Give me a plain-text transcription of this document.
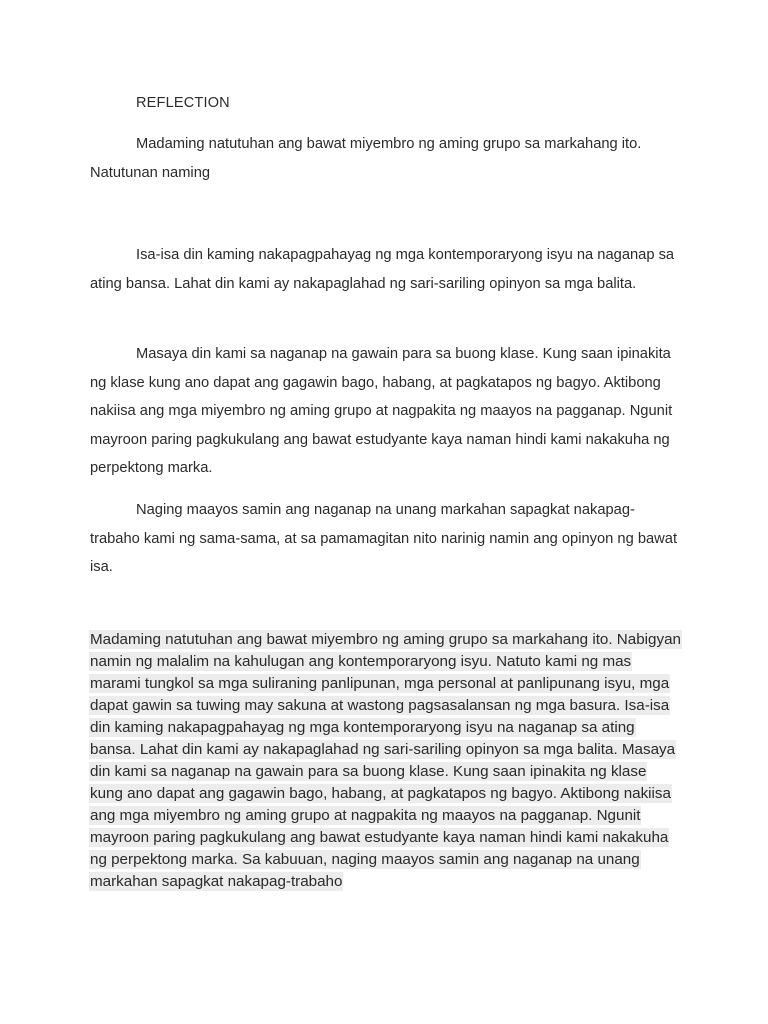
REFLECTION

Madaming natutuhan ang bawat miyembro ng aming grupo sa markahang ito. Natutunan naming

Isa-isa din kaming nakapagpahayag ng mga kontemporaryong isyu na naganap sa ating bansa. Lahat din kami ay nakapaglahad ng sari-sariling opinyon sa mga balita.

Masaya din kami sa naganap na gawain para sa buong klase. Kung saan ipinakita ng klase kung ano dapat ang gagawin bago, habang, at pagkatapos ng bagyo. Aktibong nakiisa ang mga miyembro ng aming grupo at nagpakita ng maayos na pagganap. Ngunit mayroon paring pagkukulang ang bawat estudyante kaya naman hindi kami nakakuha ng perpektong marka.

Naging maayos samin ang naganap na unang markahan sapagkat nakapag-trabaho kami ng sama-sama, at sa pamamagitan nito narinig namin ang opinyon ng bawat isa.

Madaming natutuhan ang bawat miyembro ng aming grupo sa markahang ito. Nabigyan namin ng malalim na kahulugan ang kontemporaryong isyu. Natuto kami ng mas marami tungkol sa mga suliraning panlipunan, mga personal at panlipunang isyu, mga dapat gawin sa tuwing may sakuna at wastong pagsasalansan ng mga basura. Isa-isa din kaming nakapagpahayag ng mga kontemporaryong isyu na naganap sa ating bansa. Lahat din kami ay nakapaglahad ng sari-sariling opinyon sa mga balita. Masaya din kami sa naganap na gawain para sa buong klase. Kung saan ipinakita ng klase kung ano dapat ang gagawin bago, habang, at pagkatapos ng bagyo. Aktibong nakiisa ang mga miyembro ng aming grupo at nagpakita ng maayos na pagganap. Ngunit mayroon paring pagkukulang ang bawat estudyante kaya naman hindi kami nakakuha ng perpektong marka. Sa kabuuan, naging maayos samin ang naganap na unang markahan sapagkat nakapag-trabaho
